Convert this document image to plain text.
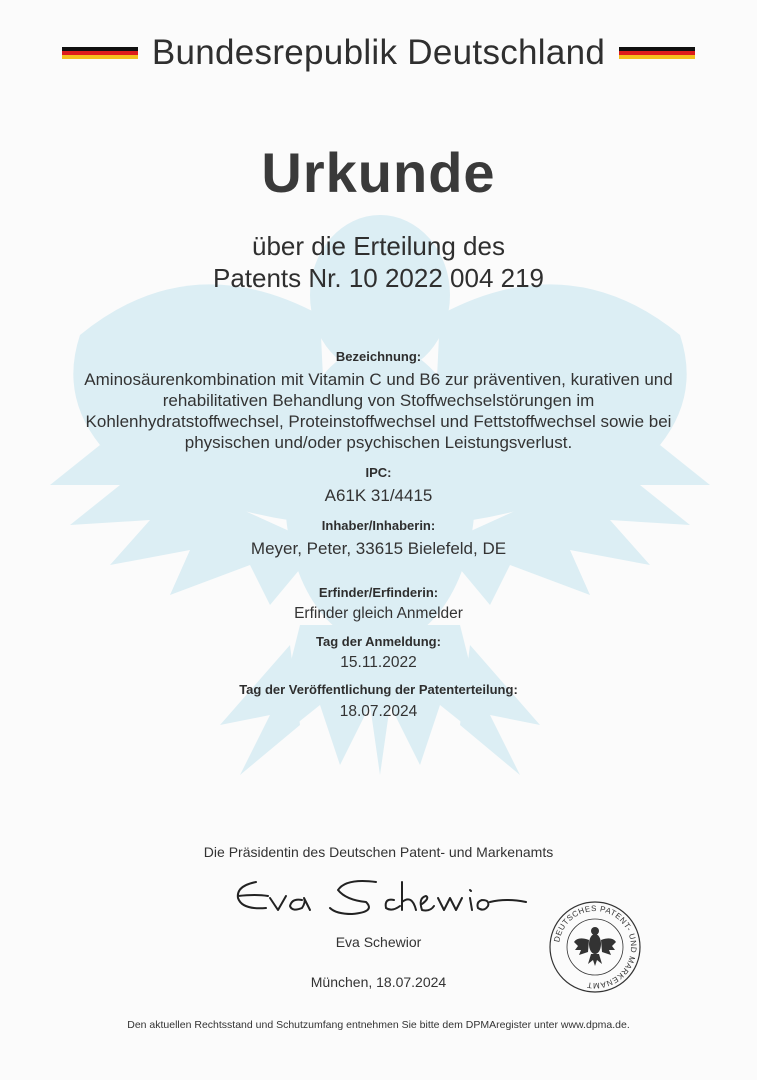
Bundesrepublik Deutschland
Urkunde
über die Erteilung des
Patents Nr. 10 2022 004 219
Bezeichnung:
Aminosäurenkombination mit Vitamin C und B6 zur präventiven, kurativen und
rehabilitativen Behandlung von Stoffwechselstörungen im
Kohlenhydratstoffwechsel, Proteinstoffwechsel und Fettstoffwechsel sowie bei
physischen und/oder psychischen Leistungsverlust.
IPC:
A61K 31/4415
Inhaber/Inhaberin:
Meyer, Peter, 33615 Bielefeld, DE
Erfinder/Erfinderin:
Erfinder gleich Anmelder
Tag der Anmeldung:
15.11.2022
Tag der Veröffentlichung der Patenterteilung:
18.07.2024
Die Präsidentin des Deutschen Patent- und Markenamts
Eva Schewior
München, 18.07.2024
DEUTSCHES PATENT- UND MARKENAMT
Den aktuellen Rechtsstand und Schutzumfang entnehmen Sie bitte dem DPMAregister unter www.dpma.de.
